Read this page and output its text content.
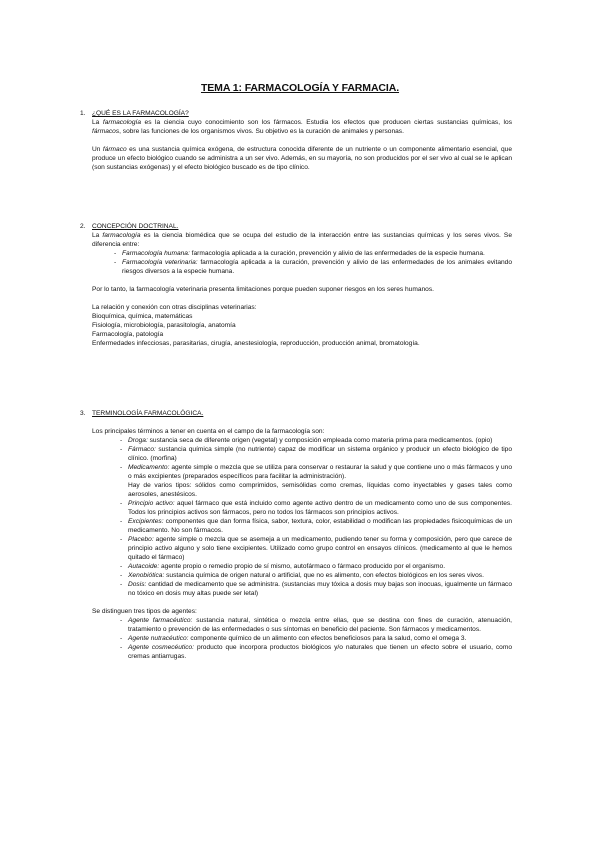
TEMA 1: FARMACOLOGÍA Y FARMACIA.
1. ¿QUÉ ES LA FARMACOLOGÍA?

La farmacología es la ciencia cuyo conocimiento son los fármacos. Estudia los efectos que producen ciertas sustancias químicas, los fármacos, sobre las funciones de los organismos vivos. Su objetivo es la curación de animales y personas.

Un fármaco es una sustancia química exógena, de estructura conocida diferente de un nutriente o un componente alimentario esencial, que produce un efecto biológico cuando se administra a un ser vivo. Además, en su mayoría, no son producidos por el ser vivo al cual se le aplican (son sustancias exógenas) y el efecto biológico buscado es de tipo clínico.

2. CONCEPCIÓN DOCTRINAL.

La farmacología es la ciencia biomédica que se ocupa del estudio de la interacción entre las sustancias químicas y los seres vivos. Se diferencia entre:

- Farmacología humana: farmacología aplicada a la curación, prevención y alivio de las enfermedades de la especie humana.
- Farmacología veterinaria: farmacología aplicada a la curación, prevención y alivio de las enfermedades de los animales evitando riesgos diversos a la especie humana.

Por lo tanto, la farmacología veterinaria presenta limitaciones porque pueden suponer riesgos en los seres humanos.

La relación y conexión con otras disciplinas veterinarias:

Bioquímica, química, matemáticas
Fisiología, microbiología, parasitología, anatomía
Farmacología, patología
Enfermedades infecciosas, parasitarias, cirugía, anestesiología, reproducción, producción animal, bromatología.
3. TERMINOLOGÍA FARMACOLÓGICA.

Los principales términos a tener en cuenta en el campo de la farmacología son:

- Droga: sustancia seca de diferente origen (vegetal) y composición empleada como materia prima para medicamentos. (opio)
- Fármaco: sustancia química simple (no nutriente) capaz de modificar un sistema orgánico y producir un efecto biológico de tipo clínico. (morfina)
- Medicamento: agente simple o mezcla que se utiliza para conservar o restaurar la salud y que contiene uno o más fármacos y uno o más excipientes (preparados específicos para facilitar la administración).
Hay de varios tipos: sólidos como comprimidos, semisólidas como cremas, líquidas como inyectables y gases tales como aerosoles, anestésicos.
- Principio activo: aquel fármaco que está incluido como agente activo dentro de un medicamento como uno de sus componentes. Todos los principios activos son fármacos, pero no todos los fármacos son principios activos.
- Excipientes: componentes que dan forma física, sabor, textura, color, estabilidad o modifican las propiedades fisicoquímicas de un medicamento. No son fármacos.
- Placebo: agente simple o mezcla que se asemeja a un medicamento, pudiendo tener su forma y composición, pero que carece de principio activo alguno y solo tiene excipientes. Utilizado como grupo control en ensayos clínicos. (medicamento al que le hemos quitado el fármaco)
- Autacoide: agente propio o remedio propio de sí mismo, autofármaco o fármaco producido por el organismo.
- Xenobiótica: sustancia química de origen natural o artificial, que no es alimento, con efectos biológicos en los seres vivos.
- Dosis: cantidad de medicamento que se administra. (sustancias muy tóxica a dosis muy bajas son inocuas, igualmente un fármaco no tóxico en dosis muy altas puede ser letal)

Se distinguen tres tipos de agentes:

- Agente farmacéutico: sustancia natural, sintética o mezcla entre ellas, que se destina con fines de curación, atenuación, tratamiento o prevención de las enfermedades o sus síntomas en beneficio del paciente. Son fármacos y medicamentos.
- Agente nutracéutico: componente químico de un alimento con efectos beneficiosos para la salud, como el omega 3.
- Agente cosmecéutico: producto que incorpora productos biológicos y/o naturales que tienen un efecto sobre el usuario, como cremas antiarrugas.
